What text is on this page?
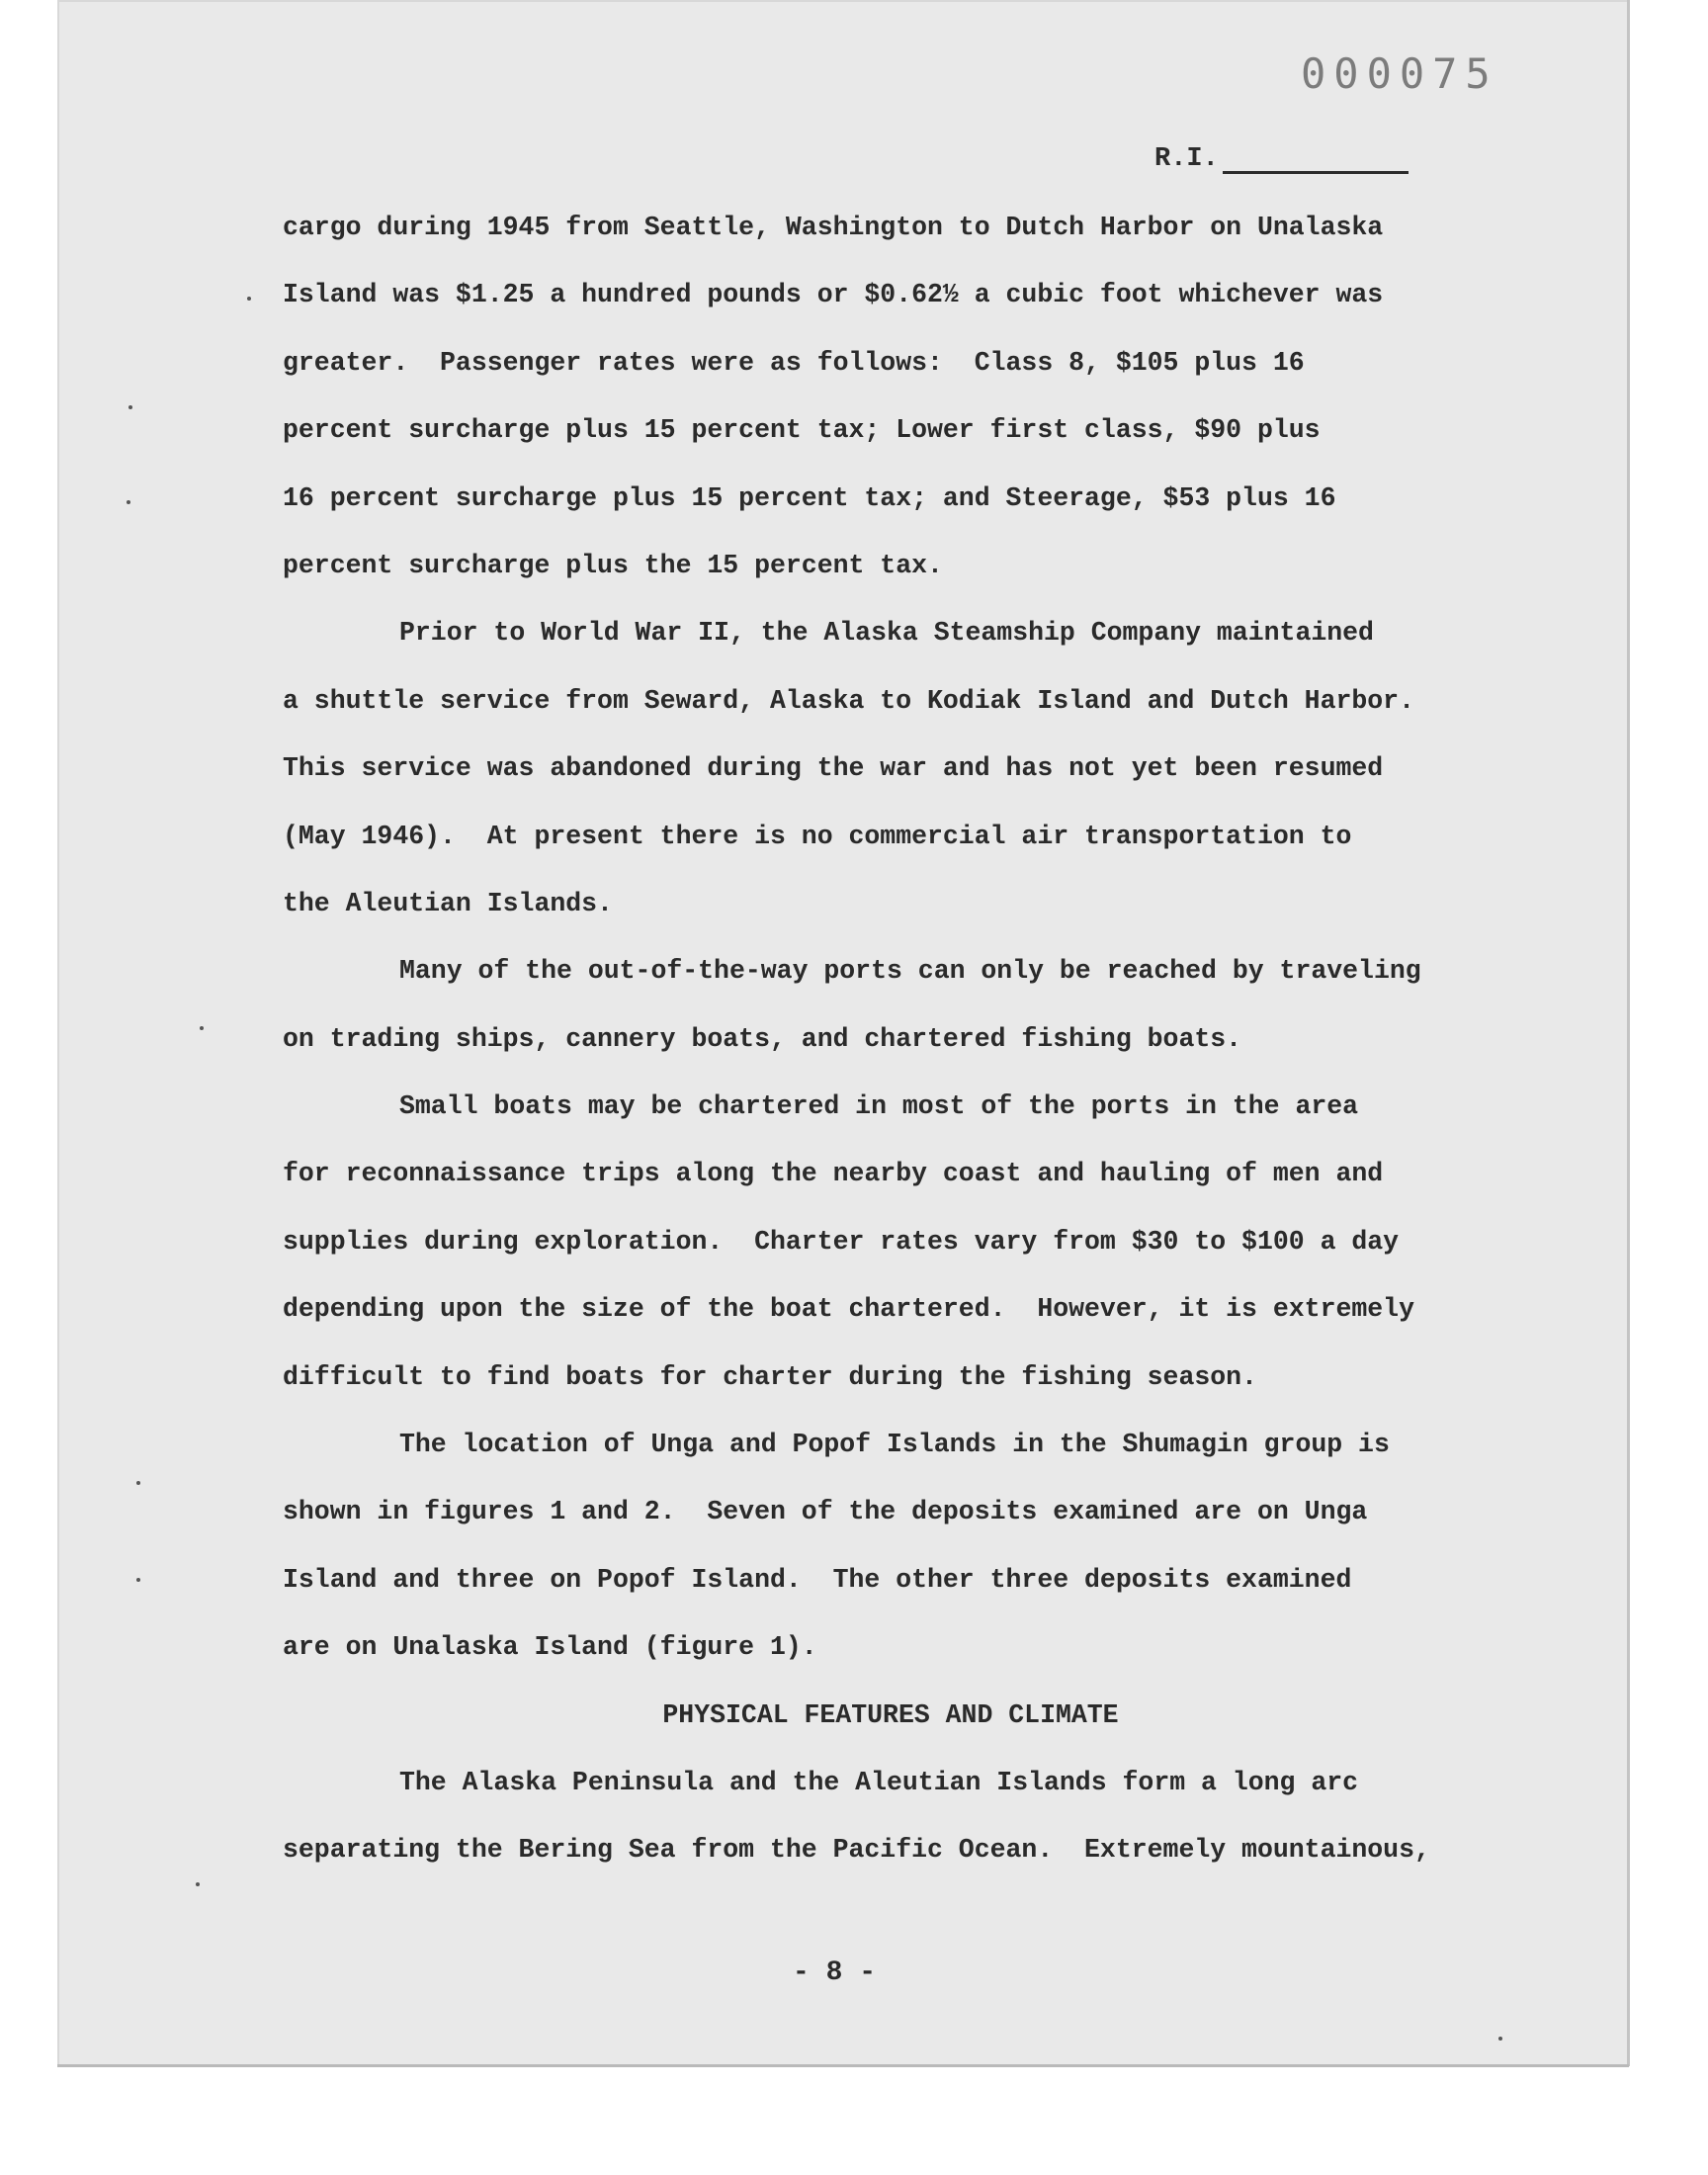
000075
R.I.
cargo during 1945 from Seattle, Washington to Dutch Harbor on Unalaska
Island was $1.25 a hundred pounds or $0.62½ a cubic foot whichever was
greater.  Passenger rates were as follows:  Class 8, $105 plus 16
percent surcharge plus 15 percent tax; Lower first class, $90 plus
16 percent surcharge plus 15 percent tax; and Steerage, $53 plus 16
percent surcharge plus the 15 percent tax.
Prior to World War II, the Alaska Steamship Company maintained
a shuttle service from Seward, Alaska to Kodiak Island and Dutch Harbor.
This service was abandoned during the war and has not yet been resumed
(May 1946).  At present there is no commercial air transportation to
the Aleutian Islands.
Many of the out-of-the-way ports can only be reached by traveling
on trading ships, cannery boats, and chartered fishing boats.
Small boats may be chartered in most of the ports in the area
for reconnaissance trips along the nearby coast and hauling of men and
supplies during exploration.  Charter rates vary from $30 to $100 a day
depending upon the size of the boat chartered.  However, it is extremely
difficult to find boats for charter during the fishing season.
The location of Unga and Popof Islands in the Shumagin group is
shown in figures 1 and 2.  Seven of the deposits examined are on Unga
Island and three on Popof Island.  The other three deposits examined
are on Unalaska Island (figure 1).
PHYSICAL FEATURES AND CLIMATE
The Alaska Peninsula and the Aleutian Islands form a long arc
separating the Bering Sea from the Pacific Ocean.  Extremely mountainous,
- 8 -
